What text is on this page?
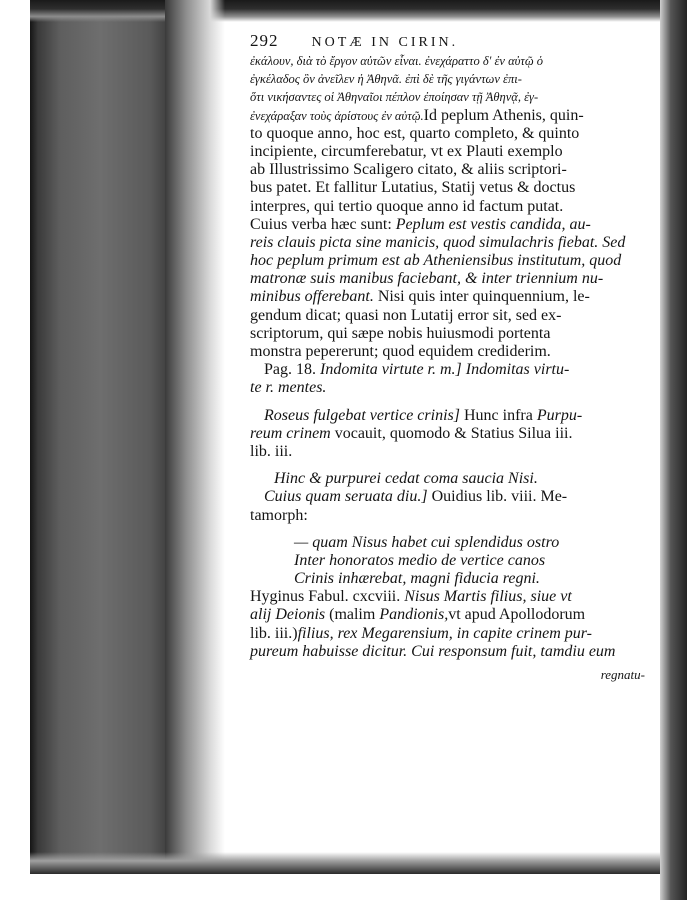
292 NOTÆ IN CIRIN.
ἐκάλουν, διὰ τὸ ἔργον αὐτῶν εἶναι. ἐνεχάραττο δ' ἐν αὐτῷ ὁ
ἐγκέλαδος ὃν ἀνεῖλεν ἡ Ἀθηνᾶ. ἐπὶ δὲ τῆς γιγάντων ἐπι-
ὅτι νικήσαντες οἱ Ἀθηναῖοι πέπλον ἐποίησαν τῇ Ἀθηνᾷ, ἐγ-
ἐνεχάραξαν τοὺς ἀρίστους ἐν αὐτῷ.Id peplum Athenis, quin-
to quoque anno, hoc est, quarto completo, & quinto
incipiente, circumferebatur, vt ex Plauti exemplo
ab Illustrissimo Scaligero citato, & aliis scriptori-
bus patet. Et fallitur Lutatius, Statij vetus & doctus
interpres, qui tertio quoque anno id factum putat.
Cuius verba hæc sunt: Peplum est vestis candida, au-
reis clauis picta sine manicis, quod simulachris fiebat. Sed
hoc peplum primum est ab Atheniensibus institutum, quod
matronæ suis manibus faciebant, & inter triennium nu-
minibus offerebant. Nisi quis inter quinquennium, le-
gendum dicat; quasi non Lutatij error sit, sed ex-
scriptorum, qui sæpe nobis huiusmodi portenta
monstra pepererunt; quod equidem crediderim.
Pag. 18. Indomita virtute r. m.] Indomitas virtu-
te r. mentes.
Roseus fulgebat vertice crinis] Hunc infra Purpu-
reum crinem vocauit, quomodo & Statius Silua iii.
lib. iii.
Hinc & purpurei cedat coma saucia Nisi.
Cuius quam seruata diu.] Ouidius lib. viii. Me-
tamorph:
— quam Nisus habet cui splendidus ostro
Inter honoratos medio de vertice canos
Crinis inhærebat, magni fiducia regni.
Hyginus Fabul. cxcviii. Nisus Martis filius, siue vt
alij Deionis (malim Pandionis,vt apud Apollodorum
lib. iii.)filius, rex Megarensium, in capite crinem pur-
pureum habuisse dicitur. Cui responsum fuit, tamdiu eum
regnatu-
